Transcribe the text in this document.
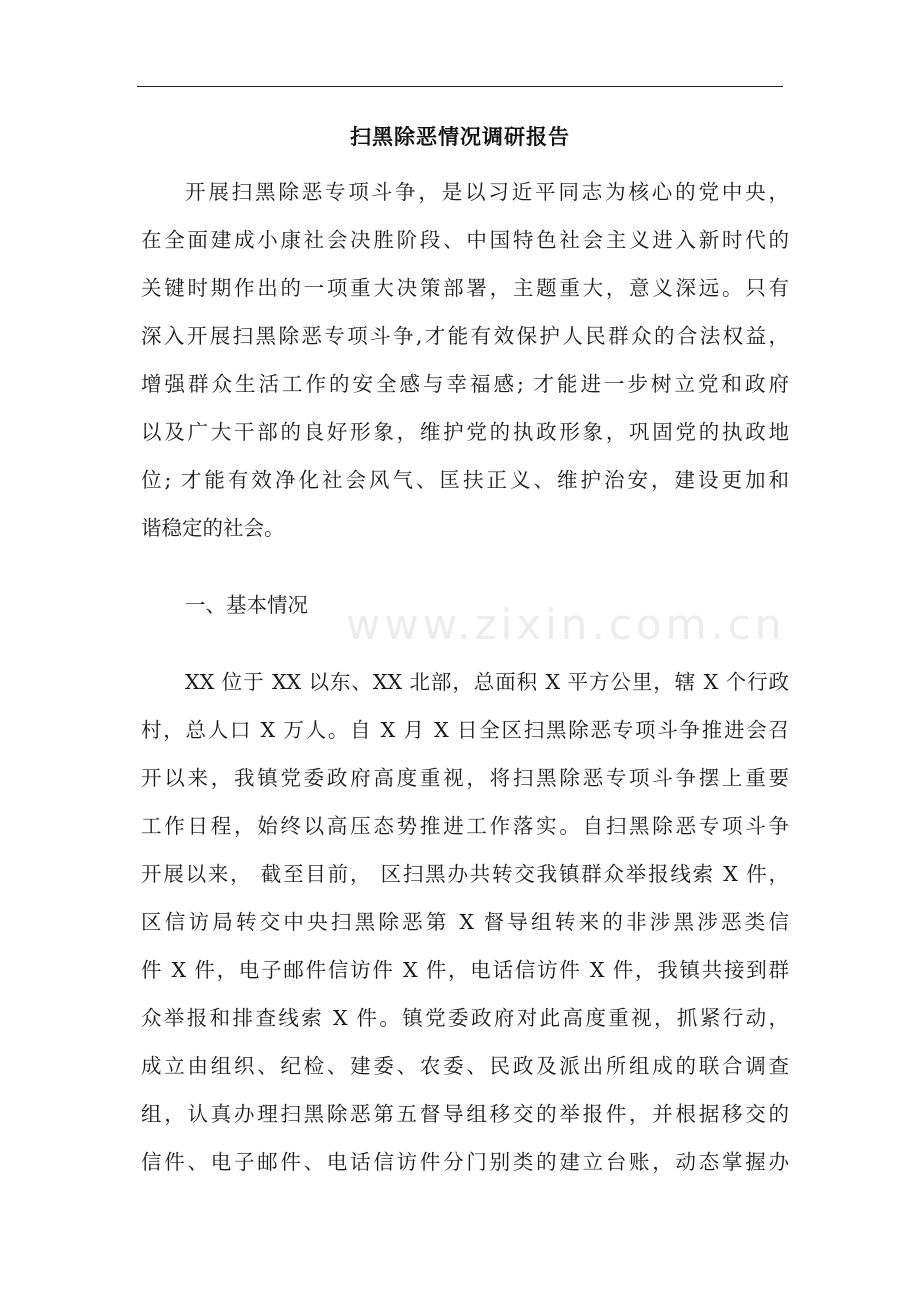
www.zixin.com.cn
扫黑除恶情况调研报告
开展扫黑除恶专项斗争，是以习近平同志为核心的党中央，
在全面建成小康社会决胜阶段、中国特色社会主义进入新时代的
关键时期作出的一项重大决策部署，主题重大，意义深远。只有
深入开展扫黑除恶专项斗争,才能有效保护人民群众的合法权益，
增强群众生活工作的安全感与幸福感; 才能进一步树立党和政府
以及广大干部的良好形象，维护党的执政形象，巩固党的执政地
位; 才能有效净化社会风气、匡扶正义、维护治安，建设更加和
谐稳定的社会。
一、基本情况
XX 位于 XX 以东、XX 北部，总面积 X 平方公里，辖 X 个行政
村，总人口 X 万人。自 X 月 X 日全区扫黑除恶专项斗争推进会召
开以来，我镇党委政府高度重视，将扫黑除恶专项斗争摆上重要
工作日程，始终以高压态势推进工作落实。自扫黑除恶专项斗争
开展以来， 截至目前， 区扫黑办共转交我镇群众举报线索 X 件，
区信访局转交中央扫黑除恶第 X 督导组转来的非涉黑涉恶类信
件 X 件，电子邮件信访件 X 件，电话信访件 X 件，我镇共接到群
众举报和排查线索 X 件。镇党委政府对此高度重视，抓紧行动，
成立由组织、纪检、建委、农委、民政及派出所组成的联合调查
组，认真办理扫黑除恶第五督导组移交的举报件，并根据移交的
信件、电子邮件、电话信访件分门别类的建立台账，动态掌握办
